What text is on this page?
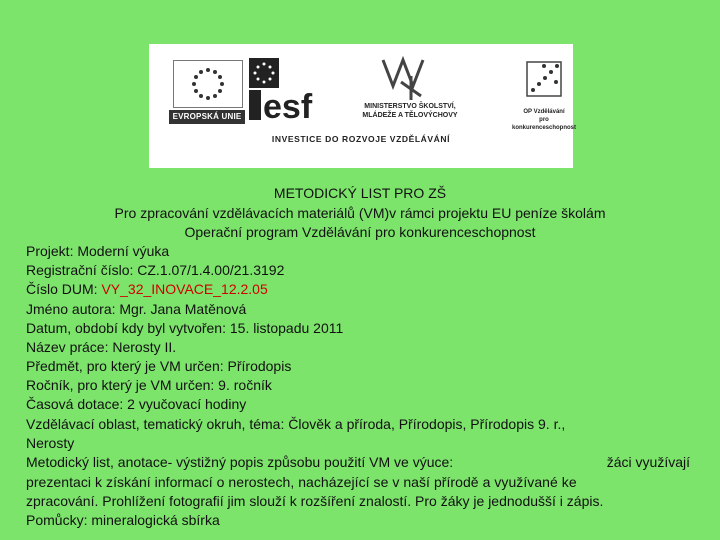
EVROPSKÁ UNIE esf	MINISTERSTVO ŠKOLSTVÍ,
MLÁDEŽE A TĚLOVÝCHOVY	OP Vzdělávání
pro konkurenceschopnost
INVESTICE DO ROZVOJE VZDĚLÁVÁNÍ
METODICKÝ LIST PRO ZŠ
Pro zpracování vzdělávacích materiálů (VM)v rámci projektu EU peníze školám
Operační program Vzdělávání pro konkurenceschopnost
Projekt: Moderní výuka
Registrační číslo: CZ.1.07/1.4.00/21.3192
Číslo DUM: VY_32_INOVACE_12.2.05
Jméno autora: Mgr. Jana Matěnová
Datum, období kdy byl vytvořen: 15. listopadu 2011
Název práce: Nerosty II.
Předmět, pro který je VM určen: Přírodopis
Ročník, pro který je VM určen: 9. ročník
Časová dotace: 2 vyučovací hodiny
Vzdělávací oblast, tematický okruh, téma: Člověk a příroda, Přírodopis, Přírodopis 9. r.,
Nerosty
Metodický list, anotace- výstižný popis způsobu použití VM ve výuce:	žáci využívají
prezentaci k získání informací o nerostech, nacházející se v naší přírodě a využívané ke
zpracování. Prohlížení fotografií jim slouží k rozšíření znalostí. Pro žáky je jednodušší i zápis.
Pomůcky: mineralogická sbírka
